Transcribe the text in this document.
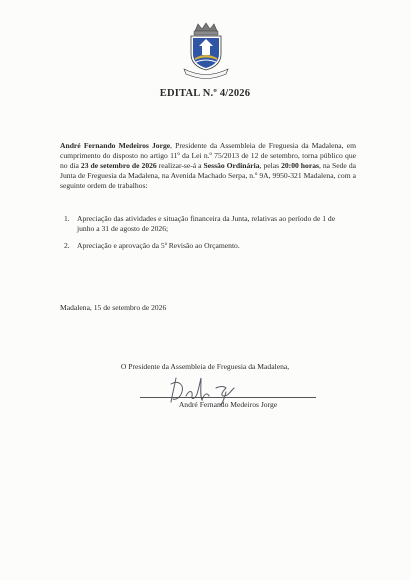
EDITAL N.º 4/2026
André Fernando Medeiros Jorge, Presidente da Assembleia de Freguesia da Madalena, em cumprimento do disposto no artigo 11º da Lei n.º 75/2013 de 12 de setembro, torna público que no dia 23 de setembro de 2026 realizar-se-á a Sessão Ordinária, pelas 20:00 horas, na Sede da Junta de Freguesia da Madalena, na Avenida Machado Serpa, n.º 9A, 9950-321 Madalena, com a seguinte ordem de trabalhos:
1. Apreciação das atividades e situação financeira da Junta, relativas ao período de 1 de junho a 31 de agosto de 2026;
2. Apreciação e aprovação da 5ª Revisão ao Orçamento.
Madalena, 15 de setembro de 2026
O Presidente da Assembleia de Freguesia da Madalena,
André Fernando Medeiros Jorge
